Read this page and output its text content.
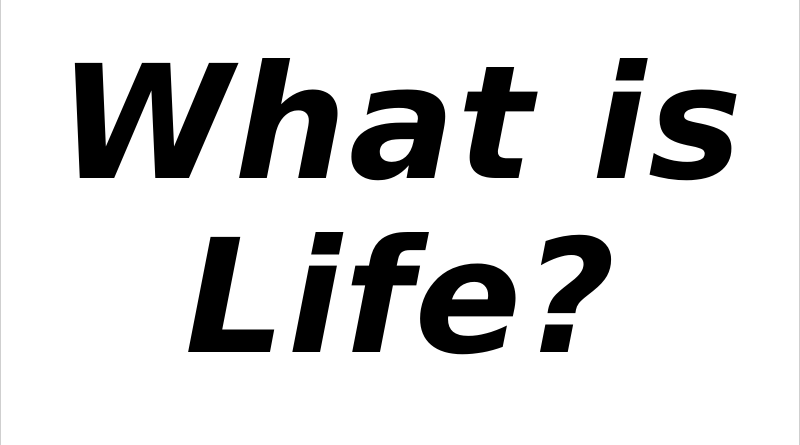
What is
Life?
